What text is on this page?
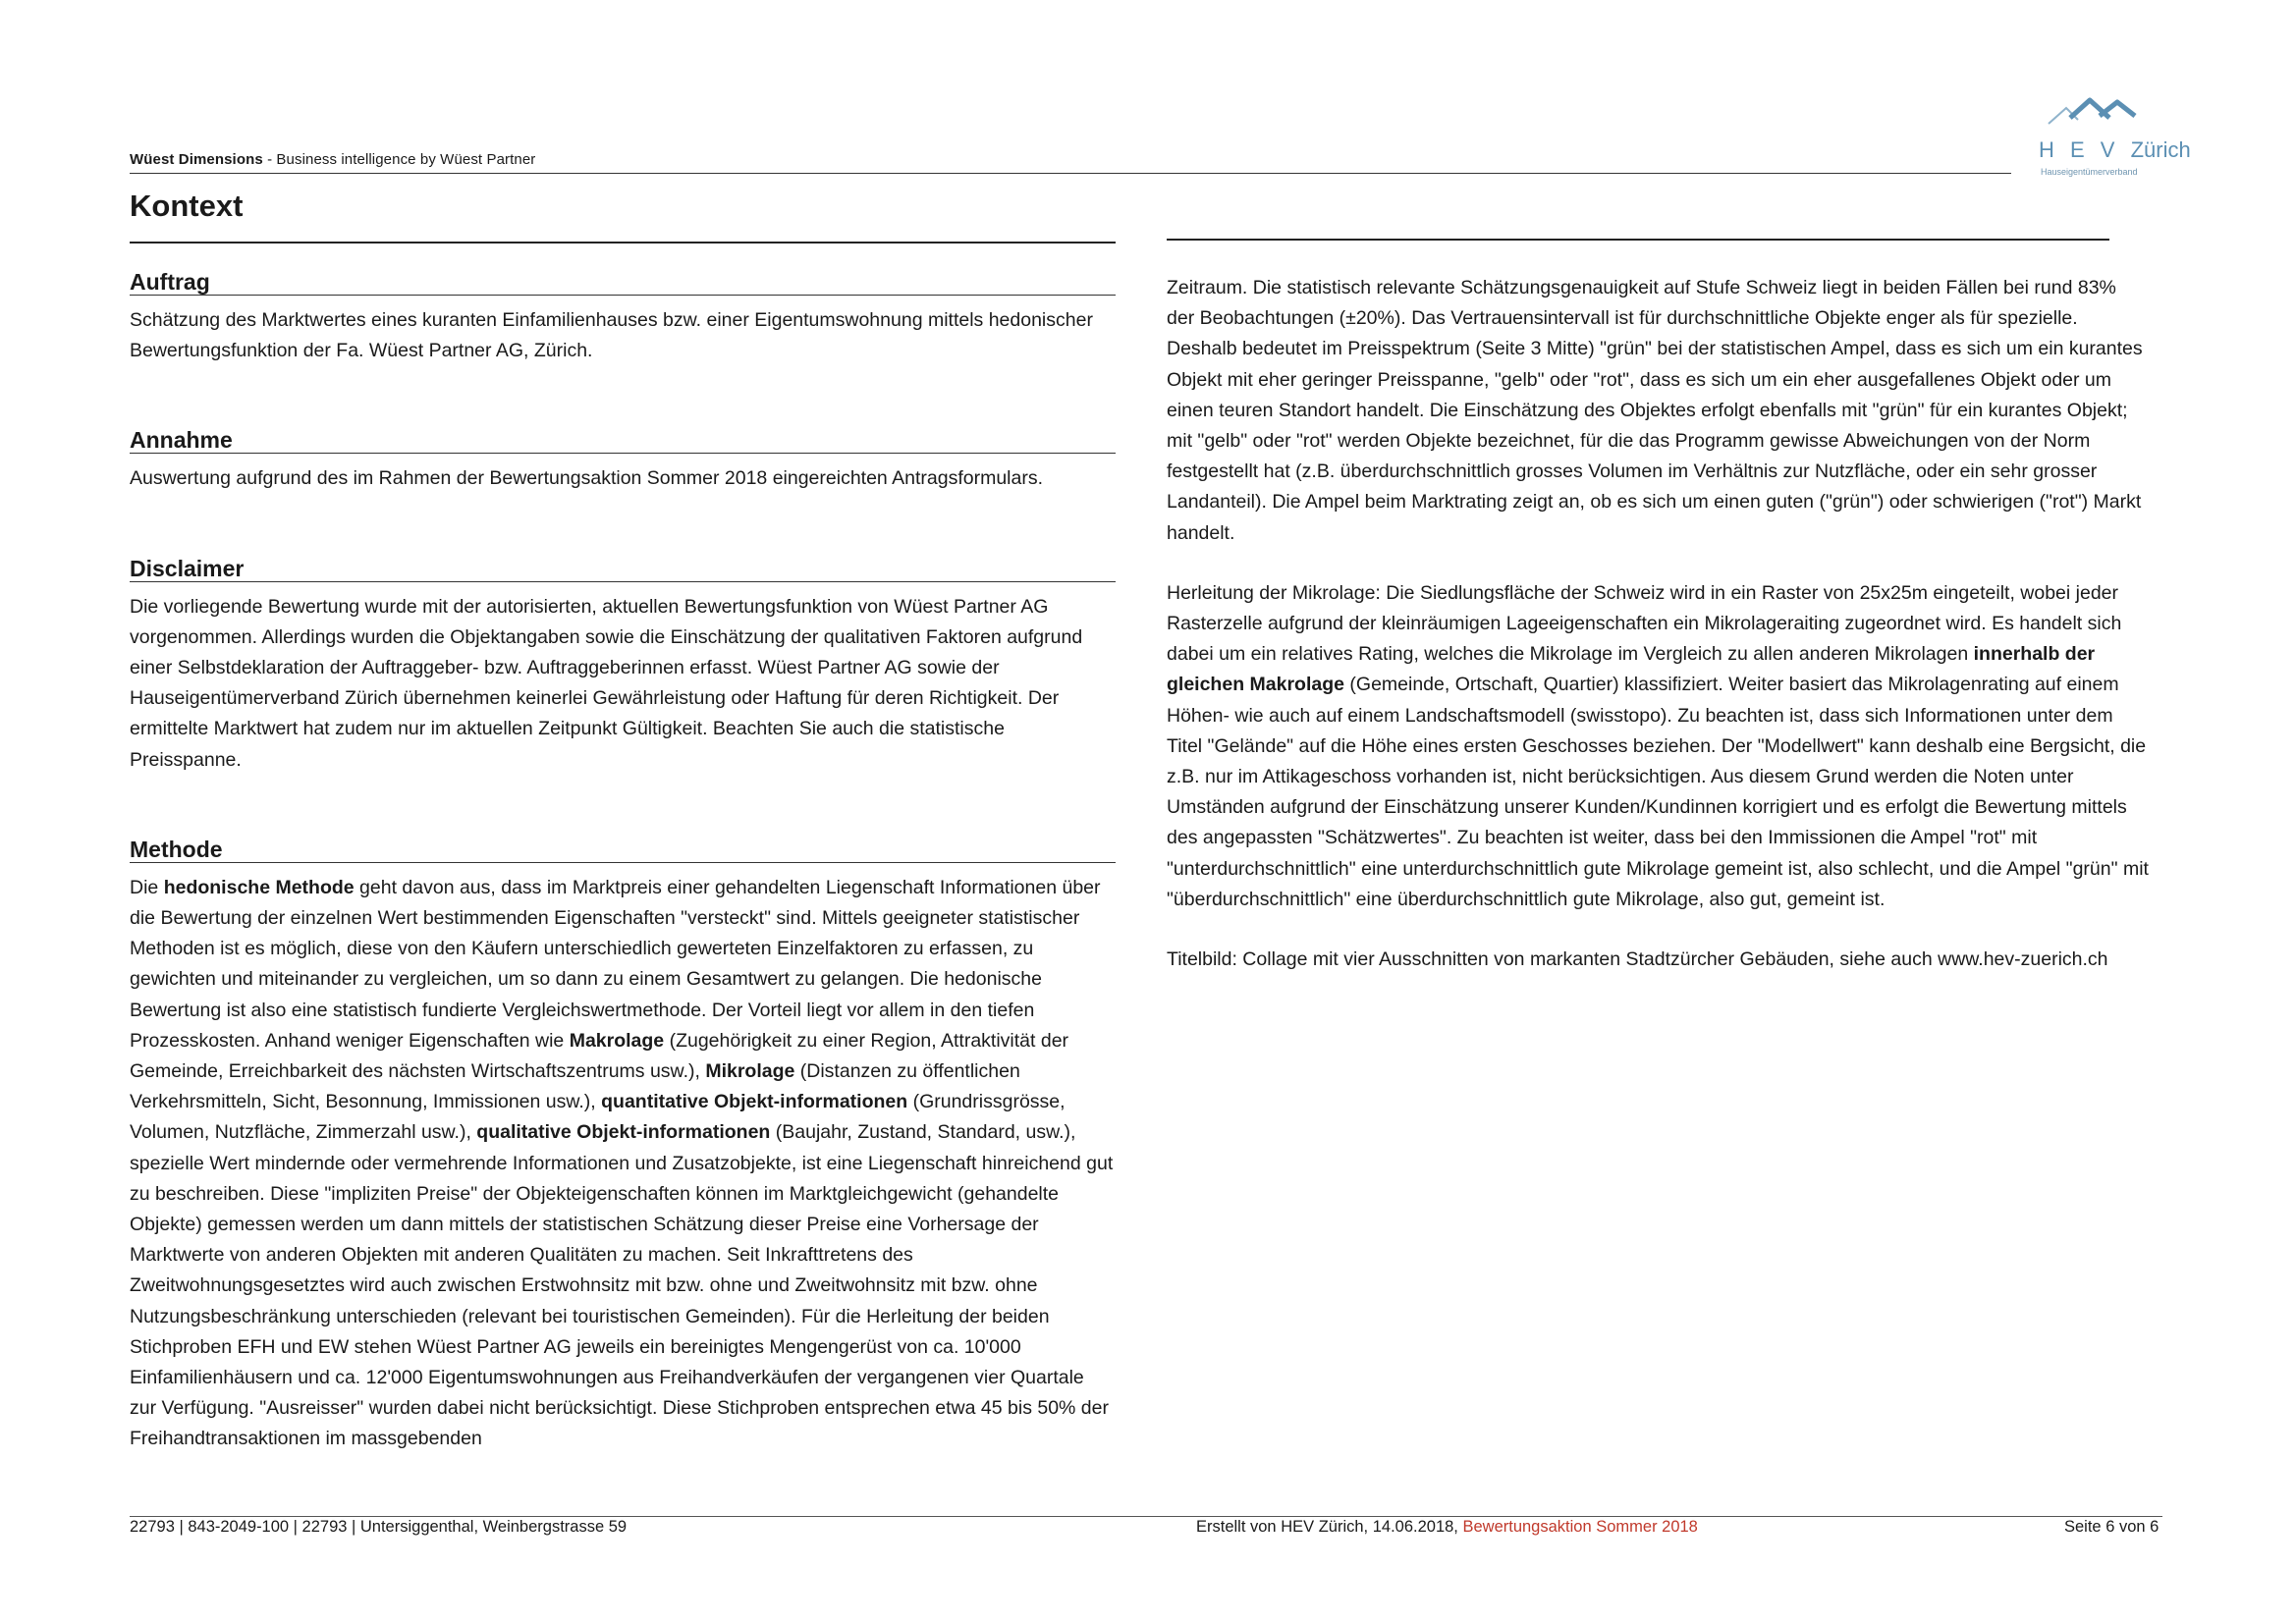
Wüest Dimensions - Business intelligence by Wüest Partner	H E V Zürich
Hauseigentümerverband
Kontext
Auftrag

Schätzung des Marktwertes eines kuranten Einfamilienhauses bzw. einer Eigentumswohnung mittels hedonischer Bewertungsfunktion der Fa. Wüest Partner AG, Zürich.

Annahme

Auswertung aufgrund des im Rahmen der Bewertungsaktion Sommer 2018 eingereichten Antragsformulars.

Disclaimer

Die vorliegende Bewertung wurde mit der autorisierten, aktuellen Bewertungsfunktion von Wüest Partner AG vorgenommen. Allerdings wurden die Objektangaben sowie die Einschätzung der qualitativen Faktoren aufgrund einer Selbstdeklaration der Auftraggeber- bzw. Auftraggeberinnen erfasst. Wüest Partner AG sowie der Hauseigentümerverband Zürich übernehmen keinerlei Gewährleistung oder Haftung für deren Richtigkeit. Der ermittelte Marktwert hat zudem nur im aktuellen Zeitpunkt Gültigkeit. Beachten Sie auch die statistische Preisspanne.

Methode

Die hedonische Methode geht davon aus, dass im Marktpreis einer gehandelten Liegenschaft Informationen über die Bewertung der einzelnen Wert bestimmenden Eigenschaften "versteckt" sind. Mittels geeigneter statistischer Methoden ist es möglich, diese von den Käufern unterschiedlich gewerteten Einzelfaktoren zu erfassen, zu gewichten und miteinander zu vergleichen, um so dann zu einem Gesamtwert zu gelangen. Die hedonische Bewertung ist also eine statistisch fundierte Vergleichswertmethode. Der Vorteil liegt vor allem in den tiefen Prozesskosten. Anhand weniger Eigenschaften wie Makrolage (Zugehörigkeit zu einer Region, Attraktivität der Gemeinde, Erreichbarkeit des nächsten Wirtschaftszentrums usw.), Mikrolage (Distanzen zu öffentlichen Verkehrsmitteln, Sicht, Besonnung, Immissionen usw.), quantitative Objekt-informationen (Grundrissgrösse, Volumen, Nutzfläche, Zimmerzahl usw.), qualitative Objekt-informationen (Baujahr, Zustand, Standard, usw.), spezielle Wert mindernde oder vermehrende Informationen und Zusatzobjekte, ist eine Liegenschaft hinreichend gut zu beschreiben. Diese "impliziten Preise" der Objekteigenschaften können im Marktgleichgewicht (gehandelte Objekte) gemessen werden um dann mittels der statistischen Schätzung dieser Preise eine Vorhersage der Marktwerte von anderen Objekten mit anderen Qualitäten zu machen. Seit Inkrafttretens des Zweitwohnungsgesetztes wird auch zwischen Erstwohnsitz mit bzw. ohne und Zweitwohnsitz mit bzw. ohne Nutzungsbeschränkung unterschieden (relevant bei touristischen Gemeinden). Für die Herleitung der beiden Stichproben EFH und EW stehen Wüest Partner AG jeweils ein bereinigtes Mengengerüst von ca. 10'000 Einfamilienhäusern und ca. 12'000 Eigentumswohnungen aus Freihandverkäufen der vergangenen vier Quartale zur Verfügung. "Ausreisser" wurden dabei nicht berücksichtigt. Diese Stichproben entsprechen etwa 45 bis 50% der Freihandtransaktionen im massgebenden

Zeitraum. Die statistisch relevante Schätzungsgenauigkeit auf Stufe Schweiz liegt in beiden Fällen bei rund 83% der Beobachtungen (±20%). Das Vertrauensintervall ist für durchschnittliche Objekte enger als für spezielle. Deshalb bedeutet im Preisspektrum (Seite 3 Mitte) "grün" bei der statistischen Ampel, dass es sich um ein kurantes Objekt mit eher geringer Preisspanne, "gelb" oder "rot", dass es sich um ein eher ausgefallenes Objekt oder um einen teuren Standort handelt. Die Einschätzung des Objektes erfolgt ebenfalls mit "grün" für ein kurantes Objekt; mit "gelb" oder "rot" werden Objekte bezeichnet, für die das Programm gewisse Abweichungen von der Norm festgestellt hat (z.B. überdurchschnittlich grosses Volumen im Verhältnis zur Nutzfläche, oder ein sehr grosser Landanteil). Die Ampel beim Marktrating zeigt an, ob es sich um einen guten ("grün") oder schwierigen ("rot") Markt handelt.

Herleitung der Mikrolage: Die Siedlungsfläche der Schweiz wird in ein Raster von 25x25m eingeteilt, wobei jeder Rasterzelle aufgrund der kleinräumigen Lageeigenschaften ein Mikrolageraiting zugeordnet wird. Es handelt sich dabei um ein relatives Rating, welches die Mikrolage im Vergleich zu allen anderen Mikrolagen innerhalb der gleichen Makrolage (Gemeinde, Ortschaft, Quartier) klassifiziert. Weiter basiert das Mikrolagenrating auf einem Höhen- wie auch auf einem Landschaftsmodell (swisstopo). Zu beachten ist, dass sich Informationen unter dem Titel "Gelände" auf die Höhe eines ersten Geschosses beziehen. Der "Modellwert" kann deshalb eine Bergsicht, die z.B. nur im Attikageschoss vorhanden ist, nicht berücksichtigen. Aus diesem Grund werden die Noten unter Umständen aufgrund der Einschätzung unserer Kunden/Kundinnen korrigiert und es erfolgt die Bewertung mittels des angepassten "Schätzwertes". Zu beachten ist weiter, dass bei den Immissionen die Ampel "rot" mit "unterdurchschnittlich" eine unterdurchschnittlich gute Mikrolage gemeint ist, also schlecht, und die Ampel "grün" mit "überdurchschnittlich" eine überdurchschnittlich gute Mikrolage, also gut, gemeint ist.

Titelbild: Collage mit vier Ausschnitten von markanten Stadtzürcher Gebäuden, siehe auch www.hev-zuerich.ch

22793 | 843-2049-100 | 22793 | Untersiggenthal, Weinbergstrasse 59	Erstellt von HEV Zürich, 14.06.2018, Bewertungsaktion Sommer 2018	Seite 6 von 6
